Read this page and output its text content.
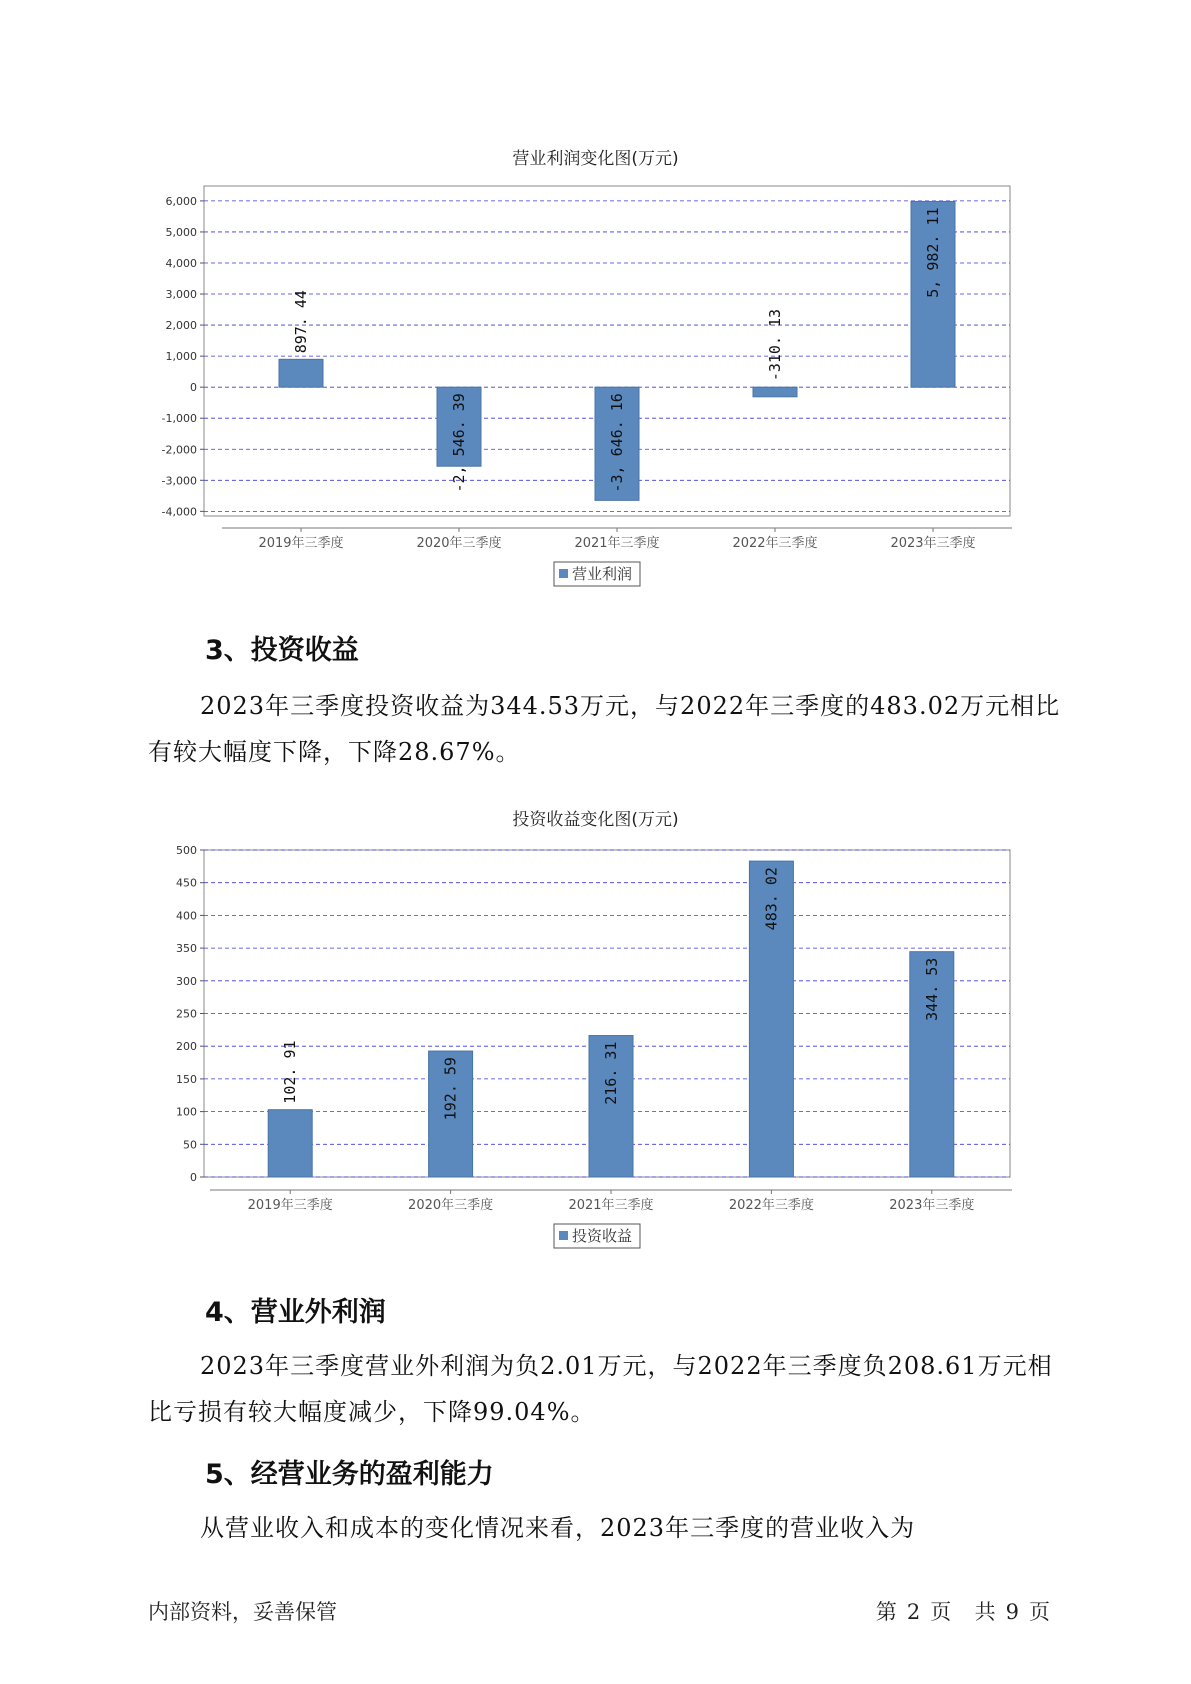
营业利润变化图(万元)
6,000
5,000
4,000
3,000
2,000
1,000
0
-1,000
-2,000
-3,000
-4,000
2019年三季度
897. 44
2020年三季度
-2, 546. 39
2021年三季度
-3, 646. 16
2022年三季度
-310. 13
2023年三季度
5, 982. 11
营业利润
3、投资收益

2023年三季度投资收益为344.53万元，与2022年三季度的483.02万元相比有较大幅度下降，下降28.67%。

投资收益变化图(万元)
500
450
400
350
300
250
200
150
100
50
0
2019年三季度
102. 91
2020年三季度
192. 59
2021年三季度
216. 31
2022年三季度
483. 02
2023年三季度
344. 53
投资收益
4、营业外利润

2023年三季度营业外利润为负2.01万元，与2022年三季度负208.61万元相比亏损有较大幅度减少，下降99.04%。

5、经营业务的盈利能力

从营业收入和成本的变化情况来看，2023年三季度的营业收入为

内部资料，妥善保管	第 2 页 共 9 页
